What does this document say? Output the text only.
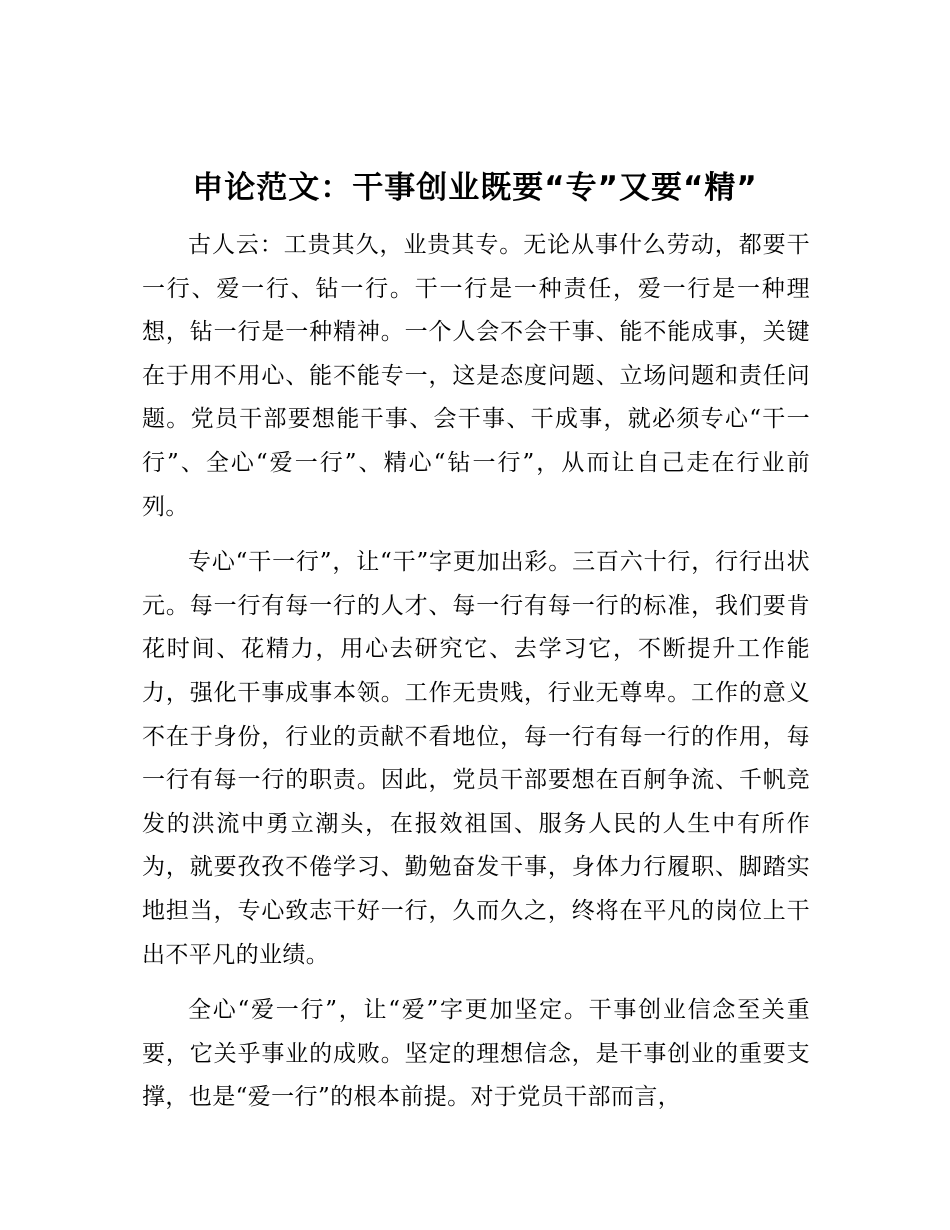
申论范文：干事创业既要“专”又要“精”

古人云：工贵其久，业贵其专。无论从事什么劳动，都要干一行、爱一行、钻一行。干一行是一种责任，爱一行是一种理想，钻一行是一种精神。一个人会不会干事、能不能成事，关键在于用不用心、能不能专一，这是态度问题、立场问题和责任问题。党员干部要想能干事、会干事、干成事，就必须专心“干一行”、全心“爱一行”、精心“钻一行”，从而让自己走在行业前列。

专心“干一行”，让“干”字更加出彩。三百六十行，行行出状元。每一行有每一行的人才、每一行有每一行的标准，我们要肯花时间、花精力，用心去研究它、去学习它，不断提升工作能力，强化干事成事本领。工作无贵贱，行业无尊卑。工作的意义不在于身份，行业的贡献不看地位，每一行有每一行的作用，每一行有每一行的职责。因此，党员干部要想在百舸争流、千帆竞发的洪流中勇立潮头，在报效祖国、服务人民的人生中有所作为，就要孜孜不倦学习、勤勉奋发干事，身体力行履职、脚踏实地担当，专心致志干好一行，久而久之，终将在平凡的岗位上干出不平凡的业绩。

全心“爱一行”，让“爱”字更加坚定。干事创业信念至关重要，它关乎事业的成败。坚定的理想信念，是干事创业的重要支撑，也是“爱一行”的根本前提。对于党员干部而言，
